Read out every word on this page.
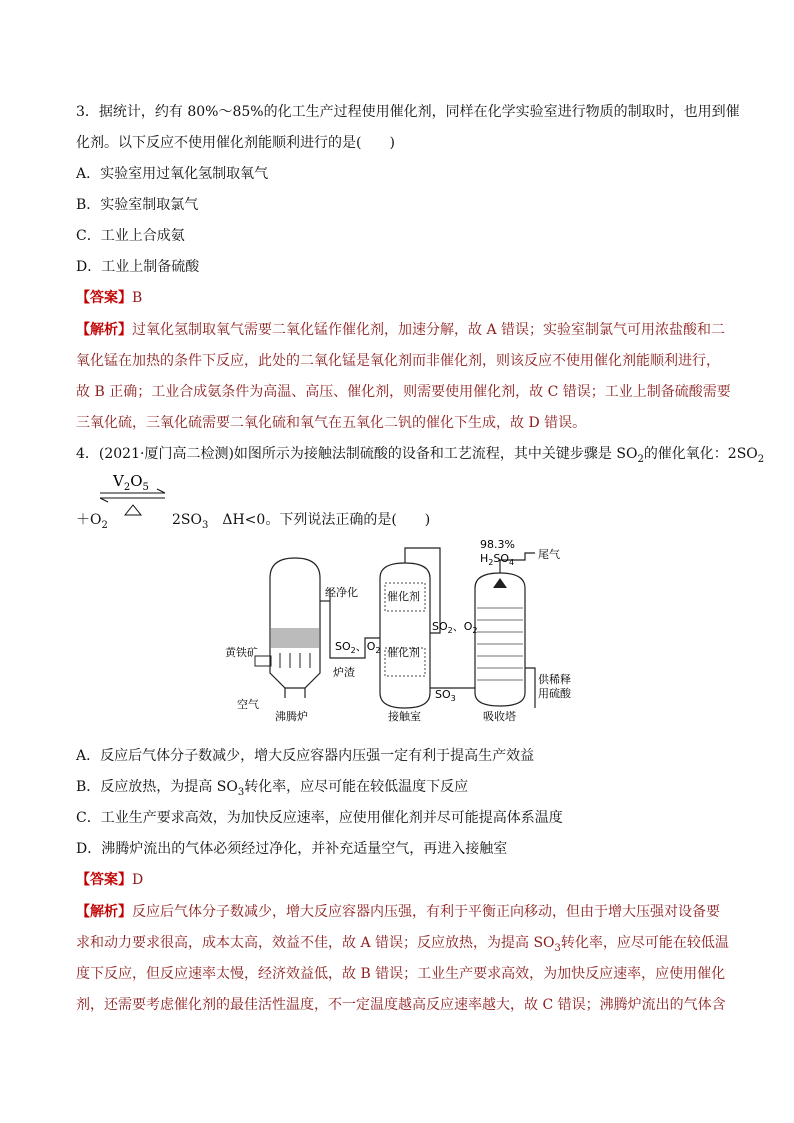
3．据统计，约有 80%～85%的化工生产过程使用催化剂，同样在化学实验室进行物质的制取时，也用到催
化剂。以下反应不使用催化剂能顺利进行的是(　　)
A．实验室用过氧化氢制取氧气
B．实验室制取氯气
C．工业上合成氨
D．工业上制备硫酸
【答案】B
【解析】过氧化氢制取氧气需要二氧化锰作催化剂，加速分解，故 A 错误；实验室制氯气可用浓盐酸和二
氧化锰在加热的条件下反应，此处的二氧化锰是氧化剂而非催化剂，则该反应不使用催化剂能顺利进行，
故 B 正确；工业合成氨条件为高温、高压、催化剂，则需要使用催化剂，故 C 错误；工业上制备硫酸需要
三氧化硫，三氧化硫需要二氧化硫和氧气在五氧化二钒的催化下生成，故 D 错误。
4．(2021·厦门高二检测)如图所示为接触法制硫酸的设备和工艺流程，其中关键步骤是 $SO_2$的催化氧化：$2SO_2$
$V_2O_5$
$+O_2$	$2SO_3$　 ΔH<0。下列说法正确的是(　　)
经净化
黄铁矿
炉渣
空气
沸腾炉
催化剂
催化剂
$SO_2$、$O_2$
$SO_2$、$O_2$
$SO_3$
接触室
98.3%
$H_2SO_4$
尾气
供稀释
用硫酸
吸收塔
A．反应后气体分子数减少，增大反应容器内压强一定有利于提高生产效益
B．反应放热，为提高 $SO_3$转化率，应尽可能在较低温度下反应
C．工业生产要求高效，为加快反应速率，应使用催化剂并尽可能提高体系温度
D．沸腾炉流出的气体必须经过净化，并补充适量空气，再进入接触室
【答案】D
【解析】反应后气体分子数减少，增大反应容器内压强，有利于平衡正向移动，但由于增大压强对设备要
求和动力要求很高，成本太高，效益不佳，故 A 错误；反应放热，为提高 $SO_3$转化率，应尽可能在较低温
度下反应，但反应速率太慢，经济效益低，故 B 错误；工业生产要求高效，为加快反应速率，应使用催化
剂，还需要考虑催化剂的最佳活性温度，不一定温度越高反应速率越大，故 C 错误；沸腾炉流出的气体含
